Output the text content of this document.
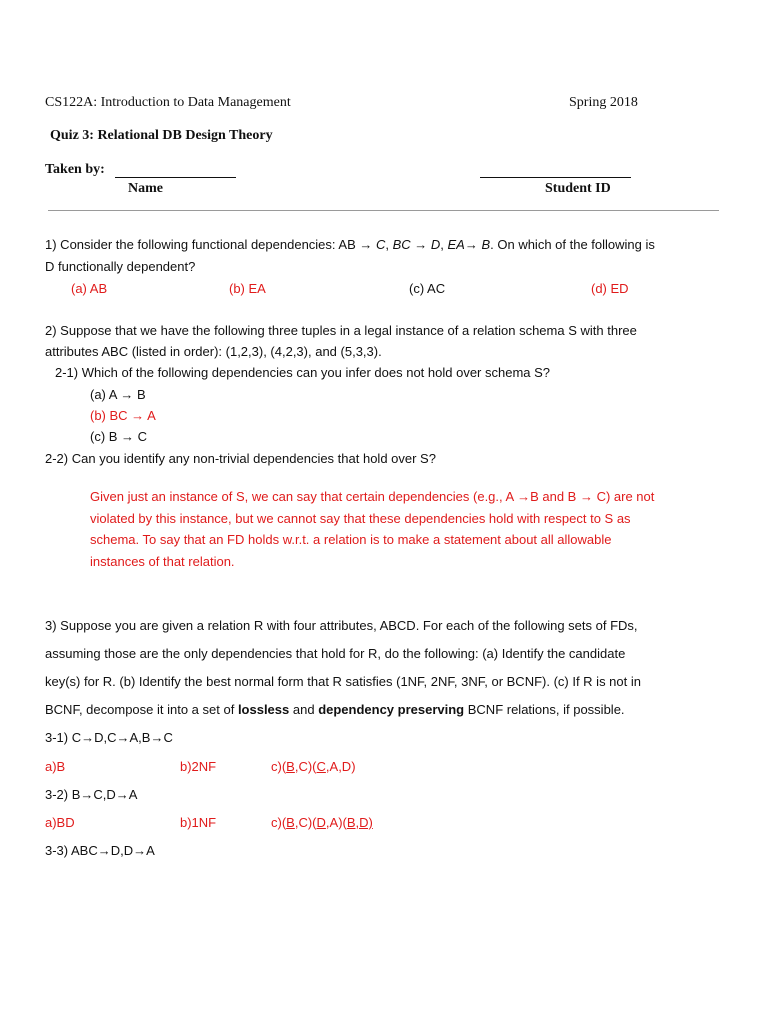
CS122A: Introduction to Data Management	Spring 2018
Quiz 3: Relational DB Design Theory
Taken by:
Name	Student ID
1) Consider the following functional dependencies: AB → C, BC → D, EA→ B. On which of the following is
D functionally dependent?
(a) AB	(b) EA	(c) AC	(d) ED
2) Suppose that we have the following three tuples in a legal instance of a relation schema S with three
attributes ABC (listed in order): (1,2,3), (4,2,3), and (5,3,3).
2-1) Which of the following dependencies can you infer does not hold over schema S?
(a) A → B
(b) BC → A
(c) B → C
2-2) Can you identify any non-trivial dependencies that hold over S?
Given just an instance of S, we can say that certain dependencies (e.g., A →B and B → C) are not
violated by this instance, but we cannot say that these dependencies hold with respect to S as
schema. To say that an FD holds w.r.t. a relation is to make a statement about all allowable
instances of that relation.
3) Suppose you are given a relation R with four attributes, ABCD. For each of the following sets of FDs,
assuming those are the only dependencies that hold for R, do the following: (a) Identify the candidate
key(s) for R. (b) Identify the best normal form that R satisfies (1NF, 2NF, 3NF, or BCNF). (c) If R is not in
BCNF, decompose it into a set of lossless and dependency preserving BCNF relations, if possible.
3-1) C→D,C→A,B→C
a)B	b)2NF	c)(B,C)(C,A,D)
3-2) B→C,D→A
a)BD	b)1NF	c)(B,C)(D,A)(B,D)
3-3) ABC→D,D→A
